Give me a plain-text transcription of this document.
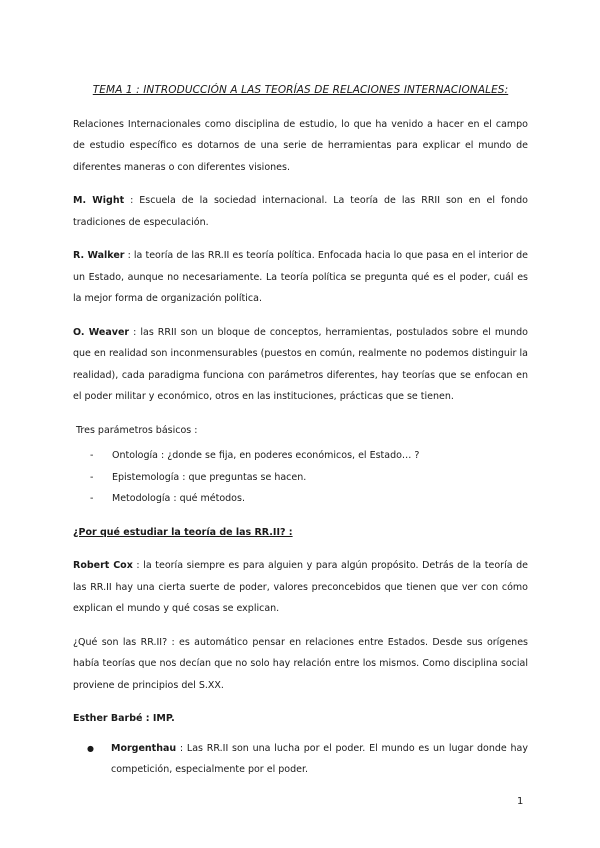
TEMA 1 : INTRODUCCIÓN A LAS TEORÍAS DE RELACIONES INTERNACIONALES:

Relaciones Internacionales como disciplina de estudio, lo que ha venido a hacer en el campo de estudio específico es dotarnos de una serie de herramientas para explicar el mundo de diferentes maneras o con diferentes visiones.

M. Wight : Escuela de la sociedad internacional. La teoría de las RRII son en el fondo tradiciones de especulación.

R. Walker : la teoría de las RR.II es teoría política. Enfocada hacia lo que pasa en el interior de un Estado, aunque no necesariamente. La teoría política se pregunta qué es el poder, cuál es la mejor forma de organización política.

O. Weaver : las RRII son un bloque de conceptos, herramientas, postulados sobre el mundo que en realidad son inconmensurables (puestos en común, realmente no podemos distinguir la realidad), cada paradigma funciona con parámetros diferentes, hay teorías que se enfocan en el poder militar y económico, otros en las instituciones, prácticas que se tienen.

Tres parámetros básicos :
- Ontología : ¿donde se fija, en poderes económicos, el Estado… ?
- Epistemología : que preguntas se hacen.
- Metodología : qué métodos.
¿Por qué estudiar la teoría de las RR.II? :

Robert Cox : la teoría siempre es para alguien y para algún propósito. Detrás de la teoría de las RR.II hay una cierta suerte de poder, valores preconcebidos que tienen que ver con cómo explican el mundo y qué cosas se explican.

¿Qué son las RR.II? : es automático pensar en relaciones entre Estados. Desde sus orígenes había teorías que nos decían que no solo hay relación entre los mismos. Como disciplina social proviene de principios del S.XX.

Esther Barbé : IMP.
● Morgenthau : Las RR.II son una lucha por el poder. El mundo es un lugar donde hay competición, especialmente por el poder.
1
